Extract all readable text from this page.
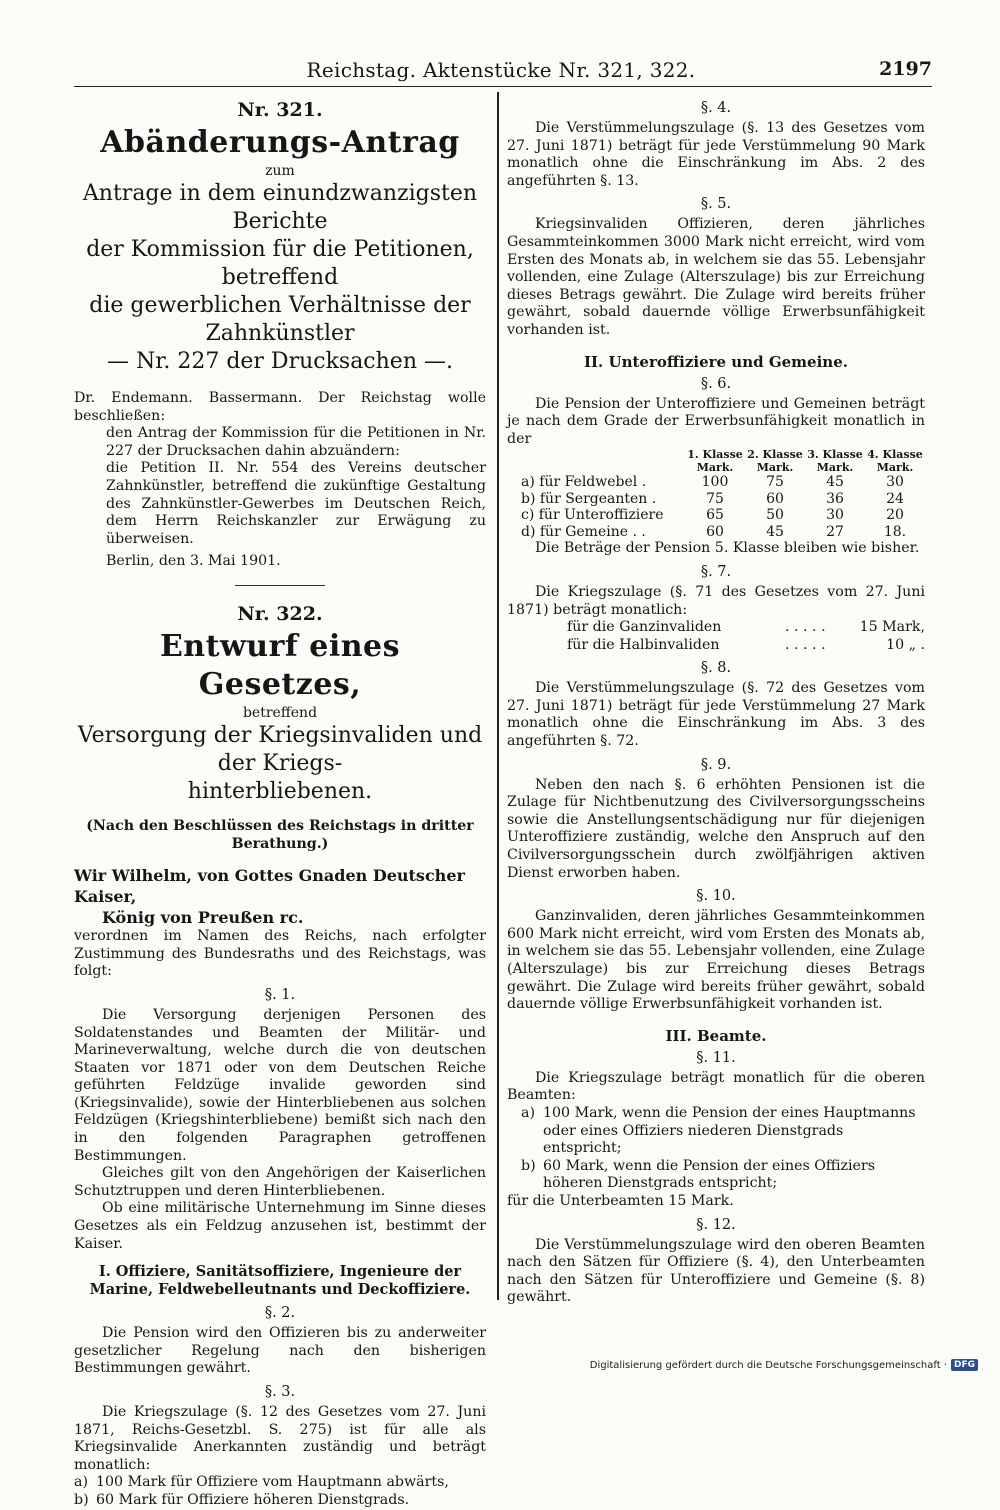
Reichstag. Aktenstücke Nr. 321, 322.	2197

Nr. 321.

Abänderungs-Antrag

zum

Antrage in dem einundzwanzigsten Berichte

der Kommission für die Petitionen, betreffend

die gewerblichen Verhältnisse der Zahnkünstler

— Nr. 227 der Drucksachen —.

Dr. Endemann. Bassermann. Der Reichstag wolle beschließen:

den Antrag der Kommission für die Petitionen in Nr. 227 der Drucksachen dahin abzuändern:

die Petition II. Nr. 554 des Vereins deutscher Zahnkünstler, betreffend die zukünftige Gestaltung des Zahnkünstler-Gewerbes im Deutschen Reich, dem Herrn Reichskanzler zur Erwägung zu überweisen.

Berlin, den 3. Mai 1901.

Nr. 322.

Entwurf eines Gesetzes,

betreffend

Versorgung der Kriegsinvaliden und der Kriegs-

hinterbliebenen.

(Nach den Beschlüssen des Reichstags in dritter Berathung.)

Wir Wilhelm, von Gottes Gnaden Deutscher Kaiser,

König von Preußen rc.

verordnen im Namen des Reichs, nach erfolgter Zustimmung des Bundesraths und des Reichstags, was folgt:

§. 1.

Die Versorgung derjenigen Personen des Soldatenstandes und Beamten der Militär- und Marineverwaltung, welche durch die von deutschen Staaten vor 1871 oder von dem Deutschen Reiche geführten Feldzüge invalide geworden sind (Kriegsinvalide), sowie der Hinterbliebenen aus solchen Feldzügen (Kriegshinterbliebene) bemißt sich nach den in den folgenden Paragraphen getroffenen Bestimmungen.

Gleiches gilt von den Angehörigen der Kaiserlichen Schutztruppen und deren Hinterbliebenen.

Ob eine militärische Unternehmung im Sinne dieses Gesetzes als ein Feldzug anzusehen ist, bestimmt der Kaiser.

I. Offiziere, Sanitätsoffiziere, Ingenieure der Marine, Feldwebelleutnants und Deckoffiziere.

§. 2.

Die Pension wird den Offizieren bis zu anderweiter gesetzlicher Regelung nach den bisherigen Bestimmungen gewährt.

§. 3.

Die Kriegszulage (§. 12 des Gesetzes vom 27. Juni 1871, Reichs-Gesetzbl. S. 275) ist für alle als Kriegsinvalide Anerkannten zuständig und beträgt monatlich:

a) 100 Mark für Offiziere vom Hauptmann abwärts,
b) 60 Mark für Offiziere höheren Dienstgrads.

§. 4.

Die Verstümmelungszulage (§. 13 des Gesetzes vom 27. Juni 1871) beträgt für jede Verstümmelung 90 Mark monatlich ohne die Einschränkung im Abs. 2 des angeführten §. 13.

§. 5.

Kriegsinvaliden Offizieren, deren jährliches Gesammteinkommen 3000 Mark nicht erreicht, wird vom Ersten des Monats ab, in welchem sie das 55. Lebensjahr vollenden, eine Zulage (Alterszulage) bis zur Erreichung dieses Betrags gewährt. Die Zulage wird bereits früher gewährt, sobald dauernde völlige Erwerbsunfähigkeit vorhanden ist.

II. Unteroffiziere und Gemeine.

§. 6.

Die Pension der Unteroffiziere und Gemeinen beträgt je nach dem Grade der Erwerbsunfähigkeit monatlich in der

	1. Klasse	2. Klasse	3. Klasse	4. Klasse
	Mark.	Mark.	Mark.	Mark.
a) für Feldwebel .	100	75	45	30
b) für Sergeanten .	75	60	36	24
c) für Unteroffiziere	65	50	30	20
d) für Gemeine . .	60	45	27	18.

Die Beträge der Pension 5. Klasse bleiben wie bisher.

§. 7.

Die Kriegszulage (§. 71 des Gesetzes vom 27. Juni 1871) beträgt monatlich:

für die Ganzinvaliden	. . . . .	15 Mark,
für die Halbinvaliden	. . . . .	10 „ .

§. 8.

Die Verstümmelungszulage (§. 72 des Gesetzes vom 27. Juni 1871) beträgt für jede Verstümmelung 27 Mark monatlich ohne die Einschränkung im Abs. 3 des angeführten §. 72.

§. 9.

Neben den nach §. 6 erhöhten Pensionen ist die Zulage für Nichtbenutzung des Civilversorgungsscheins sowie die Anstellungsentschädigung nur für diejenigen Unteroffiziere zuständig, welche den Anspruch auf den Civilversorgungsschein durch zwölfjährigen aktiven Dienst erworben haben.

§. 10.

Ganzinvaliden, deren jährliches Gesammteinkommen 600 Mark nicht erreicht, wird vom Ersten des Monats ab, in welchem sie das 55. Lebensjahr vollenden, eine Zulage (Alterszulage) bis zur Erreichung dieses Betrags gewährt. Die Zulage wird bereits früher gewährt, sobald dauernde völlige Erwerbsunfähigkeit vorhanden ist.

III. Beamte.

§. 11.

Die Kriegszulage beträgt monatlich für die oberen Beamten:

a) 100 Mark, wenn die Pension der eines Hauptmanns oder eines Offiziers niederen Dienstgrads entspricht;
b) 60 Mark, wenn die Pension der eines Offiziers höheren Dienstgrads entspricht;

für die Unterbeamten 15 Mark.

§. 12.

Die Verstümmelungszulage wird den oberen Beamten nach den Sätzen für Offiziere (§. 4), den Unterbeamten nach den Sätzen für Unteroffiziere und Gemeine (§. 8) gewährt.

Digitalisierung gefördert durch die Deutsche Forschungsgemeinschaft · DFG
